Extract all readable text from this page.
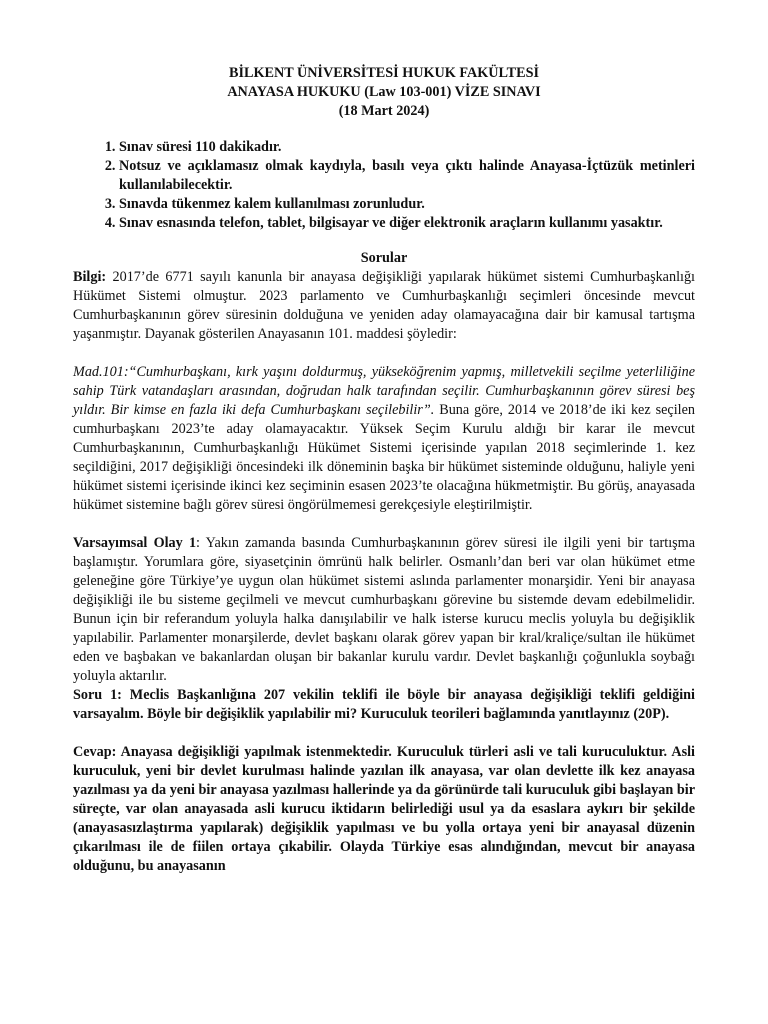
BİLKENT ÜNİVERSİTESİ HUKUK FAKÜLTESİ
ANAYASA HUKUKU (Law 103-001) VİZE SINAVI
(18 Mart 2024)
1. Sınav süresi 110 dakikadır.
2. Notsuz ve açıklamasız olmak kaydıyla, basılı veya çıktı halinde Anayasa-İçtüzük metinleri kullanılabilecektir.
3. Sınavda tükenmez kalem kullanılması zorunludur.
4. Sınav esnasında telefon, tablet, bilgisayar ve diğer elektronik araçların kullanımı yasaktır.
Sorular

Bilgi: 2017’de 6771 sayılı kanunla bir anayasa değişikliği yapılarak hükümet sistemi Cumhurbaşkanlığı Hükümet Sistemi olmuştur. 2023 parlamento ve Cumhurbaşkanlığı seçimleri öncesinde mevcut Cumhurbaşkanının görev süresinin dolduğuna ve yeniden aday olamayacağına dair bir kamusal tartışma yaşanmıştır. Dayanak gösterilen Anayasanın 101. maddesi şöyledir:

Mad.101:“Cumhurbaşkanı, kırk yaşını doldurmuş, yükseköğrenim yapmış, milletvekili seçilme yeterliliğine sahip Türk vatandaşları arasından, doğrudan halk tarafından seçilir. Cumhurbaşkanının görev süresi beş yıldır. Bir kimse en fazla iki defa Cumhurbaşkanı seçilebilir”. Buna göre, 2014 ve 2018’de iki kez seçilen cumhurbaşkanı 2023’te aday olamayacaktır. Yüksek Seçim Kurulu aldığı bir karar ile mevcut Cumhurbaşkanının, Cumhurbaşkanlığı Hükümet Sistemi içerisinde yapılan 2018 seçimlerinde 1. kez seçildiğini, 2017 değişikliği öncesindeki ilk döneminin başka bir hükümet sisteminde olduğunu, haliyle yeni hükümet sistemi içerisinde ikinci kez seçiminin esasen 2023’te olacağına hükmetmiştir. Bu görüş, anayasada hükümet sistemine bağlı görev süresi öngörülmemesi gerekçesiyle eleştirilmiştir.

Varsayımsal Olay 1: Yakın zamanda basında Cumhurbaşkanının görev süresi ile ilgili yeni bir tartışma başlamıştır. Yorumlara göre, siyasetçinin ömrünü halk belirler. Osmanlı’dan beri var olan hükümet etme geleneğine göre Türkiye’ye uygun olan hükümet sistemi aslında parlamenter monarşidir. Yeni bir anayasa değişikliği ile bu sisteme geçilmeli ve mevcut cumhurbaşkanı görevine bu sistemde devam edebilmelidir. Bunun için bir referandum yoluyla halka danışılabilir ve halk isterse kurucu meclis yoluyla bu değişiklik yapılabilir. Parlamenter monarşilerde, devlet başkanı olarak görev yapan bir kral/kraliçe/sultan ile hükümet eden ve başbakan ve bakanlardan oluşan bir bakanlar kurulu vardır. Devlet başkanlığı çoğunlukla soybağı yoluyla aktarılır.

Soru 1: Meclis Başkanlığına 207 vekilin teklifi ile böyle bir anayasa değişikliği teklifi geldiğini varsayalım. Böyle bir değişiklik yapılabilir mi? Kuruculuk teorileri bağlamında yanıtlayınız (20P).

Cevap: Anayasa değişikliği yapılmak istenmektedir. Kuruculuk türleri asli ve tali kuruculuktur. Asli kuruculuk, yeni bir devlet kurulması halinde yazılan ilk anayasa, var olan devlette ilk kez anayasa yazılması ya da yeni bir anayasa yazılması hallerinde ya da görünürde tali kuruculuk gibi başlayan bir süreçte, var olan anayasada asli kurucu iktidarın belirlediği usul ya da esaslara aykırı bir şekilde (anayasasızlaştırma yapılarak) değişiklik yapılması ve bu yolla ortaya yeni bir anayasal düzenin çıkarılması ile de fiilen ortaya çıkabilir. Olayda Türkiye esas alındığından, mevcut bir anayasa olduğunu, bu anayasanın
